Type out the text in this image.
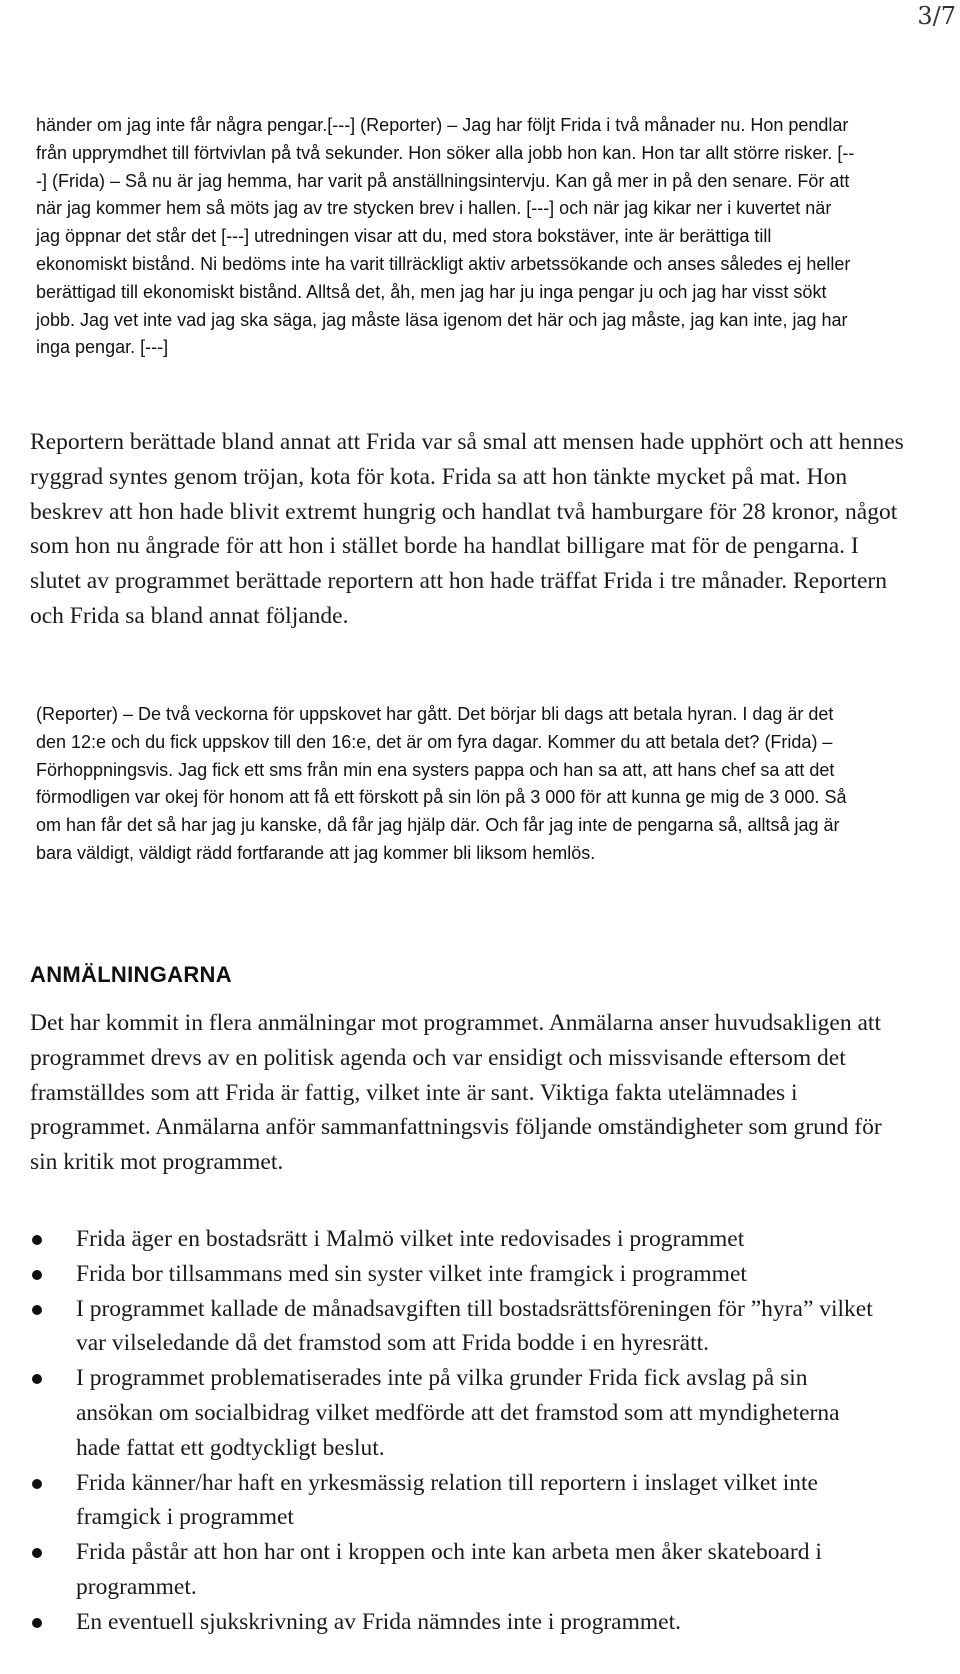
3/7

händer om jag inte får några pengar.[---] (Reporter) – Jag har följt Frida i två månader nu. Hon pendlar från upprymdhet till förtvivlan på två sekunder. Hon söker alla jobb hon kan. Hon tar allt större risker. [---] (Frida) – Så nu är jag hemma, har varit på anställningsintervju. Kan gå mer in på den senare. För att när jag kommer hem så möts jag av tre stycken brev i hallen. [---] och när jag kikar ner i kuvertet när jag öppnar det står det [---] utredningen visar att du, med stora bokstäver, inte är berättiga till ekonomiskt bistånd. Ni bedöms inte ha varit tillräckligt aktiv arbetssökande och anses således ej heller berättigad till ekonomiskt bistånd. Alltså det, åh, men jag har ju inga pengar ju och jag har visst sökt jobb. Jag vet inte vad jag ska säga, jag måste läsa igenom det här och jag måste, jag kan inte, jag har inga pengar. [---]

Reportern berättade bland annat att Frida var så smal att mensen hade upphört och att hennes ryggrad syntes genom tröjan, kota för kota. Frida sa att hon tänkte mycket på mat. Hon beskrev att hon hade blivit extremt hungrig och handlat två hamburgare för 28 kronor, något som hon nu ångrade för att hon i stället borde ha handlat billigare mat för de pengarna. I slutet av programmet berättade reportern att hon hade träffat Frida i tre månader. Reportern och Frida sa bland annat följande.

(Reporter) – De två veckorna för uppskovet har gått. Det börjar bli dags att betala hyran. I dag är det den 12:e och du fick uppskov till den 16:e, det är om fyra dagar. Kommer du att betala det? (Frida) – Förhoppningsvis. Jag fick ett sms från min ena systers pappa och han sa att, att hans chef sa att det förmodligen var okej för honom att få ett förskott på sin lön på 3 000 för att kunna ge mig de 3 000. Så om han får det så har jag ju kanske, då får jag hjälp där. Och får jag inte de pengarna så, alltså jag är bara väldigt, väldigt rädd fortfarande att jag kommer bli liksom hemlös.

ANMÄLNINGARNA

Det har kommit in flera anmälningar mot programmet. Anmälarna anser huvudsakligen att programmet drevs av en politisk agenda och var ensidigt och missvisande eftersom det framställdes som att Frida är fattig, vilket inte är sant. Viktiga fakta utelämnades i programmet. Anmälarna anför sammanfattningsvis följande omständigheter som grund för sin kritik mot programmet.

Frida äger en bostadsrätt i Malmö vilket inte redovisades i programmet
Frida bor tillsammans med sin syster vilket inte framgick i programmet
I programmet kallade de månadsavgiften till bostadsrättsföreningen för ”hyra” vilket var vilseledande då det framstod som att Frida bodde i en hyresrätt.
I programmet problematiserades inte på vilka grunder Frida fick avslag på sin ansökan om socialbidrag vilket medförde att det framstod som att myndigheterna hade fattat ett godtyckligt beslut.
Frida känner/har haft en yrkesmässig relation till reportern i inslaget vilket inte framgick i programmet
Frida påstår att hon har ont i kroppen och inte kan arbeta men åker skateboard i programmet.
En eventuell sjukskrivning av Frida nämndes inte i programmet.
